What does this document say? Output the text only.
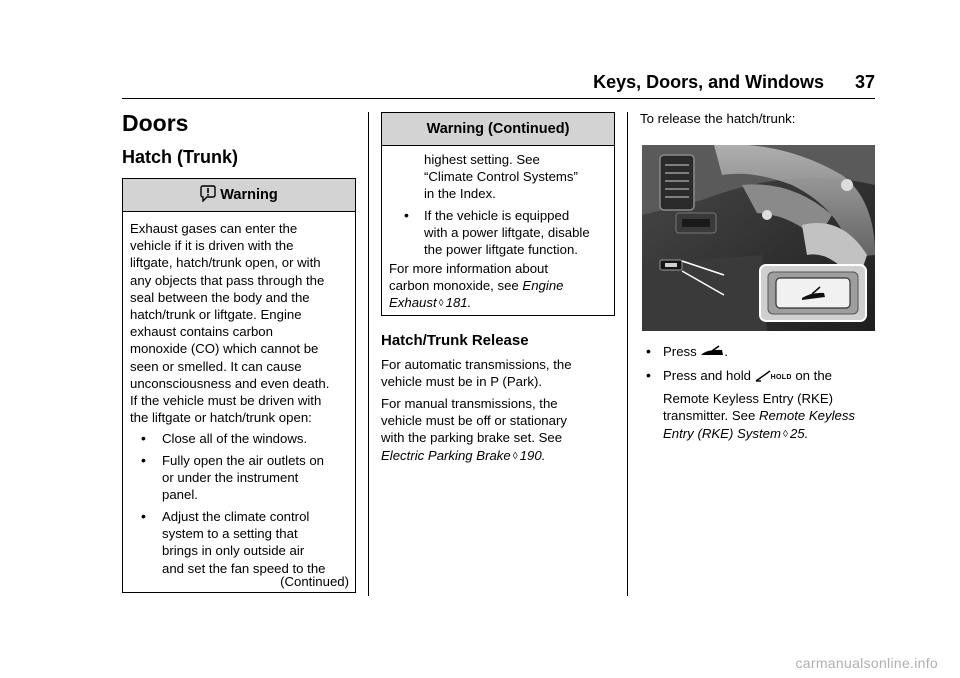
Keys, Doors, and Windows	37
Doors
Hatch (Trunk)
Warning
Exhaust gases can enter the
vehicle if it is driven with the
liftgate, hatch/trunk open, or with
any objects that pass through the
seal between the body and the
hatch/trunk or liftgate. Engine
exhaust contains carbon
monoxide (CO) which cannot be
seen or smelled. It can cause
unconsciousness and even death.
If the vehicle must be driven with
the liftgate or hatch/trunk open:
• Close all of the windows.
• Fully open the air outlets on
or under the instrument
panel.
• Adjust the climate control
system to a setting that
brings in only outside air
and set the fan speed to the
(Continued)
Warning (Continued)
highest setting. See
“Climate Control Systems”
in the Index.
• If the vehicle is equipped
with a power liftgate, disable
the power liftgate function.
For more information about
carbon monoxide, see Engine
Exhaust ◊ 181.
Hatch/Trunk Release
For automatic transmissions, the
vehicle must be in P (Park).
For manual transmissions, the
vehicle must be off or stationary
with the parking brake set. See
Electric Parking Brake ◊ 190.
To release the hatch/trunk:
• Press .
• Press and hold HOLD on the
Remote Keyless Entry (RKE)
transmitter. See Remote Keyless
Entry (RKE) System ◊ 25.
carmanualsonline.info
